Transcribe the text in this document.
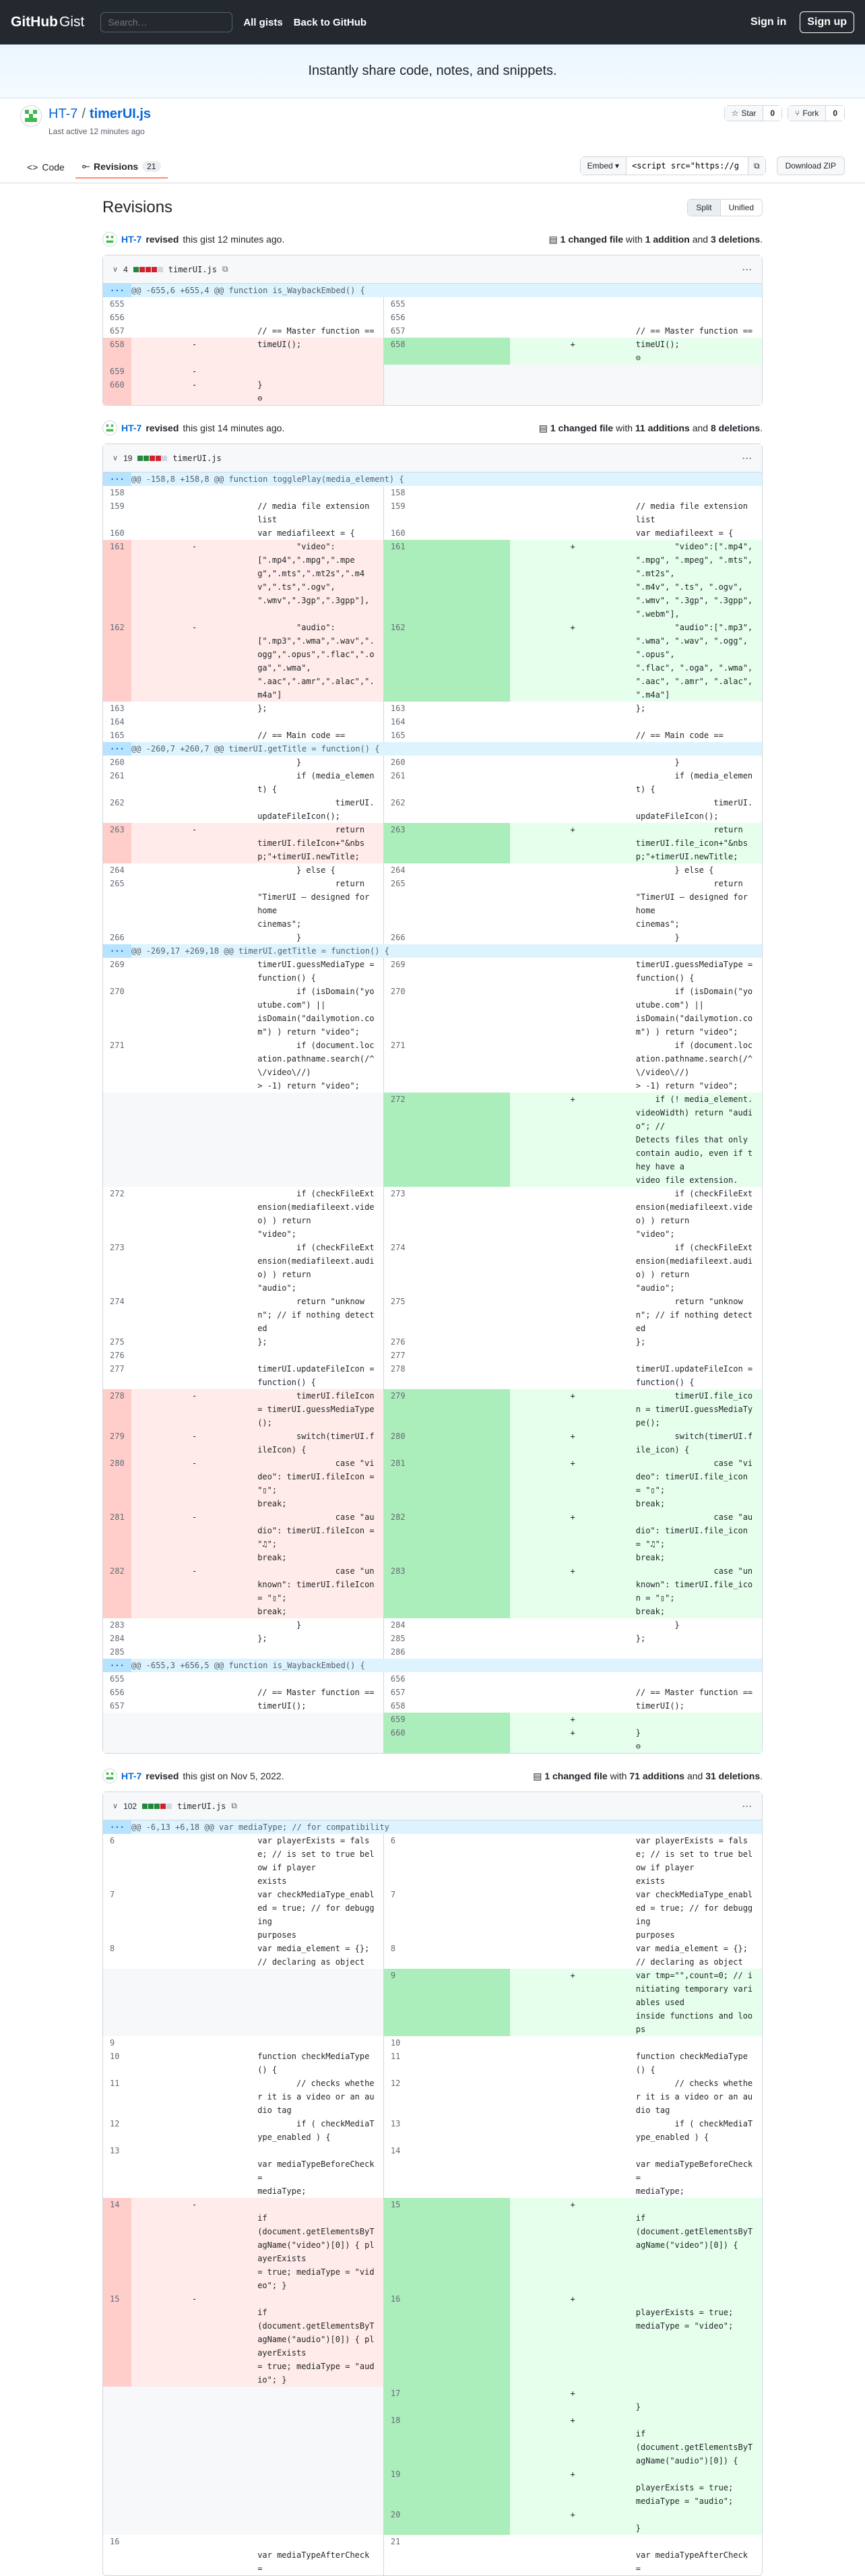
GitHub Gist
Search…	All gists Back to GitHub	Sign in	Sign up
Instantly share code, notes, and snippets.
HT-7 / timerUI.js
Last active 12 minutes ago
☆ Star	0	⑂ Fork	0
<> Code ⟜ Revisions	21	Embed
▾
<script src="https://g	⧉	Download ZIP
Revisions	Split	Unified
HT-7 revised this gist 12 minutes ago.	▤ 1 changed file with 1 addition and 3 deletions.
∨ 4	timerUI.js ⧉	···
···	@@ -655,6 +655,4 @@ function is_WaybackEmbed() {				
655			655		
656			656		
657		// == Master function ==	657		// == Master function ==
658	-	timeUI();	658	+	timeUI();
⊖
659	-				
660	-	}
⊖			
HT-7 revised this gist 14 minutes ago.	▤ 1 changed file with 11 additions and 8 deletions.
∨ 19	timerUI.js	···
···	@@ -158,8 +158,8 @@ function togglePlay(media_element) {				
158			158		
159		// media file extension list	159		// media file extension list
160		var mediafileext = {	160		var mediafileext = {
161	-	"video":
[".mp4",".mpg",".mpeg",".mts",".mt2s",".m4v",".ts",".ogv",
".wmv",".3gp",".3gpp"],	161	+	"video":[".mp4", ".mpg", ".mpeg", ".mts", ".mt2s",
".m4v", ".ts", ".ogv", ".wmv", ".3gp", ".3gpp", ".webm"],
162	-	"audio":
[".mp3",".wma",".wav",".ogg",".opus",".flac",".oga",".wma",
".aac",".amr",".alac",".m4a"]	162	+	"audio":[".mp3", ".wma", ".wav", ".ogg", ".opus",
".flac", ".oga", ".wma", ".aac", ".amr", ".alac", ".m4a"]
163		};	163		};
164			164		
165		// == Main code ==	165		// == Main code ==
···	@@ -260,7 +260,7 @@ timerUI.getTitle = function() {				
260		}	260		}
261		if (media_element) {	261		if (media_element) {
262		timerUI.updateFileIcon();	262		timerUI.updateFileIcon();
263	-	return
timerUI.fileIcon+"&nbsp;"+timerUI.newTitle;	263	+	return
timerUI.file_icon+"&nbsp;"+timerUI.newTitle;
264		} else {	264		} else {
265		return "TimerUI – designed for home
cinemas";	265		return "TimerUI – designed for home
cinemas";
266		}	266		}
···	@@ -269,17 +269,18 @@ timerUI.getTitle = function() {				
269		timerUI.guessMediaType = function() {	269		timerUI.guessMediaType = function() {
270		if (isDomain("youtube.com") ||
isDomain("dailymotion.com") ) return "video";	270		if (isDomain("youtube.com") ||
isDomain("dailymotion.com") ) return "video";
271		if (document.location.pathname.search(/^\/video\//)
> -1) return "video";	271		if (document.location.pathname.search(/^\/video\//)
> -1) return "video";
			272	+	if (! media_element.videoWidth) return "audio"; //
Detects files that only contain audio, even if they have a
video file extension.
272		if (checkFileExtension(mediafileext.video) ) return
"video";	273		if (checkFileExtension(mediafileext.video) ) return
"video";
273		if (checkFileExtension(mediafileext.audio) ) return
"audio";	274		if (checkFileExtension(mediafileext.audio) ) return
"audio";
274		return "unknown"; // if nothing detected	275		return "unknown"; // if nothing detected
275		};	276		};
276			277		
277		timerUI.updateFileIcon = function() {	278		timerUI.updateFileIcon = function() {
278	-	timerUI.fileIcon = timerUI.guessMediaType();	279	+	timerUI.file_icon = timerUI.guessMediaType();
279	-	switch(timerUI.fileIcon) {	280	+	switch(timerUI.file_icon) {
280	-	case "video": timerUI.fileIcon = "▯";
break;	281	+	case "video": timerUI.file_icon = "▯";
break;
281	-	case "audio": timerUI.fileIcon = "♫";
break;	282	+	case "audio": timerUI.file_icon = "♫";
break;
282	-	case "unknown": timerUI.fileIcon = "▯";
break;	283	+	case "unknown": timerUI.file_icon = "▯";
break;
283		}	284		}
284		};	285		};
285			286		
···	@@ -655,3 +656,5 @@ function is_WaybackEmbed() {				
655			656		
656		// == Master function ==	657		// == Master function ==
657		timerUI();	658		timerUI();
			659	+	
			660	+	}
⊖
HT-7 revised this gist on Nov 5, 2022.	▤ 1 changed file with 71 additions and 31 deletions.
∨ 102	timerUI.js ⧉	···
···	@@ -6,13 +6,18 @@ var mediaType; // for compatibility				
6		var playerExists = false; // is set to true below if player
exists	6		var playerExists = false; // is set to true below if player
exists
7		var checkMediaType_enabled = true; // for debugging
purposes	7		var checkMediaType_enabled = true; // for debugging
purposes
8		var media_element = {}; // declaring as object	8		var media_element = {}; // declaring as object
			9	+	var tmp="",count=0; // initiating temporary variables used
inside functions and loops
9			10		
10		function checkMediaType() {	11		function checkMediaType() {
11		// checks whether it is a video or an audio tag	12		// checks whether it is a video or an audio tag
12		if ( checkMediaType_enabled ) {	13		if ( checkMediaType_enabled ) {
13		var mediaTypeBeforeCheck =
mediaType;	14		var mediaTypeBeforeCheck =
mediaType;
14	-	if
(document.getElementsByTagName("video")[0]) { playerExists
= true; mediaType = "video"; }	15	+	if
(document.getElementsByTagName("video")[0]) {
15	-	if
(document.getElementsByTagName("audio")[0]) { playerExists
= true; mediaType = "audio"; }	16	+	playerExists = true;
mediaType = "video";
			17	+	}
			18	+	if
(document.getElementsByTagName("audio")[0]) {
			19	+	playerExists = true;
mediaType = "audio";
			20	+	}
16		var mediaTypeAfterCheck =	21		var mediaTypeAfterCheck =
